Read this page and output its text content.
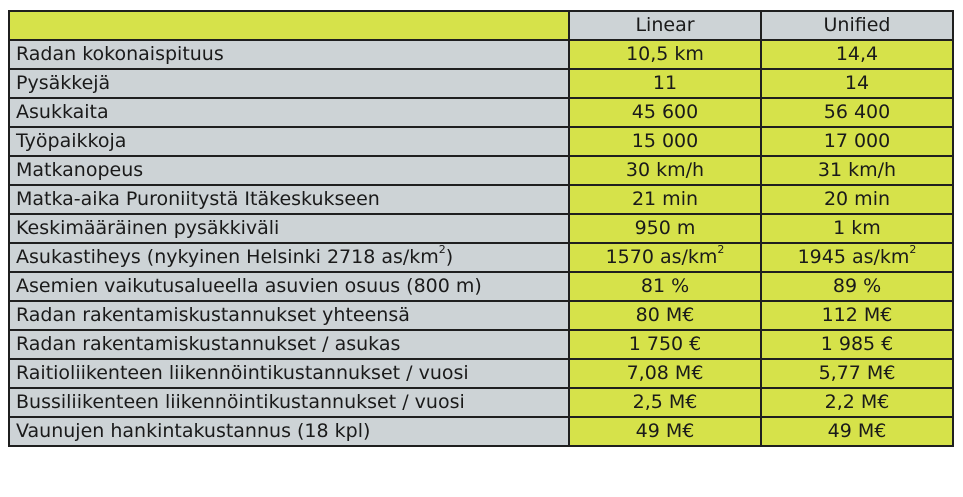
	Linear	Unified
Radan kokonaispituus	10,5 km	14,4
Pysäkkejä	11	14
Asukkaita	45 600	56 400
Työpaikkoja	15 000	17 000
Matkanopeus	30 km/h	31 km/h
Matka-aika Puroniitystä Itäkeskukseen	21 min	20 min
Keskimääräinen pysäkkiväli	950 m	1 km
Asukastiheys (nykyinen Helsinki 2718 $as/km^2$)	1570 $as/km^2$	1945 $as/km^2$
Asemien vaikutusalueella asuvien osuus (800 m)	81 %	89 %
Radan rakentamiskustannukset yhteensä	80 M€	112 M€
Radan rakentamiskustannukset / asukas	1 750 €	1 985 €
Raitioliikenteen liikennöintikustannukset / vuosi	7,08 M€	5,77 M€
Bussiliikenteen liikennöintikustannukset / vuosi	2,5 M€	2,2 M€
Vaunujen hankintakustannus (18 kpl)	49 M€	49 M€
